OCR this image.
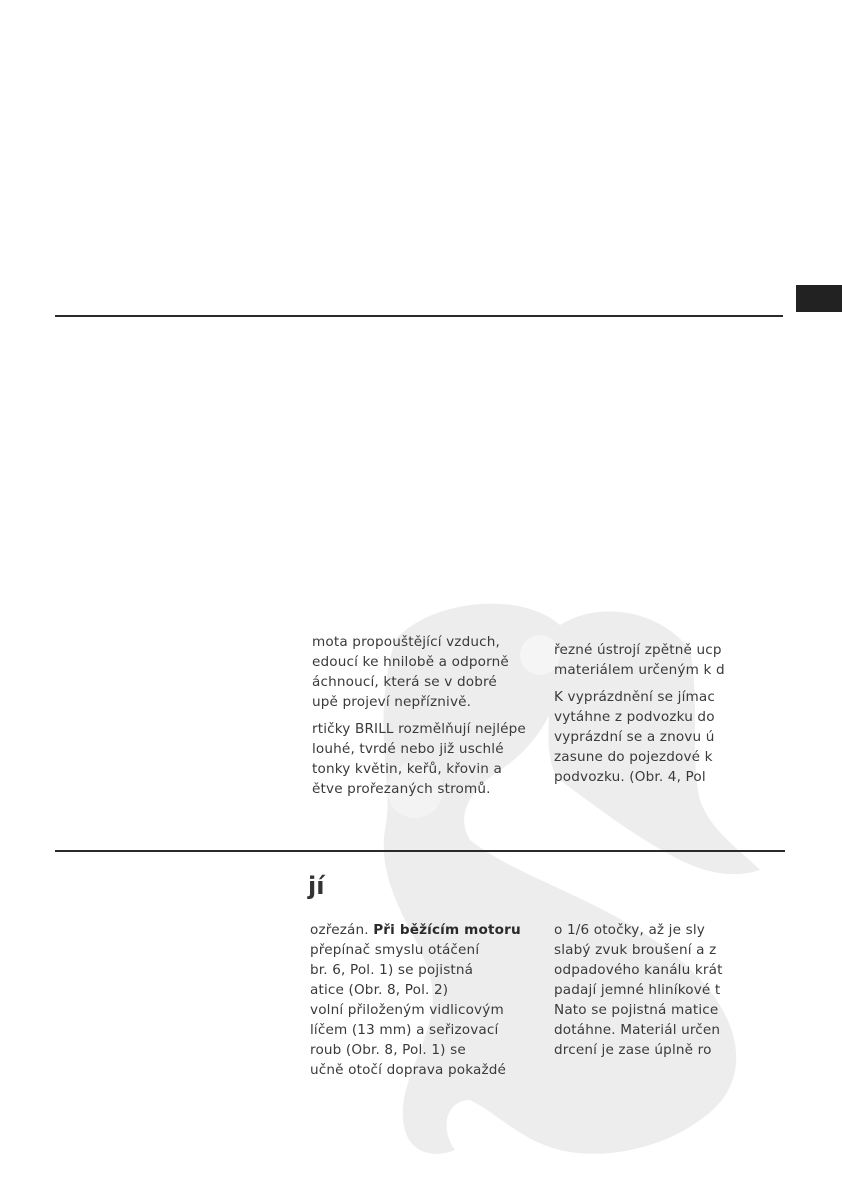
mota propouštějící vzduch,
edoucí ke hnilobě a odporně
áchnoucí, která se v dobré
upě projeví nepříznivě.
rtičky BRILL rozmělňují nejlépe
louhé, tvrdé nebo již uschlé
tonky květin, keřů, křovin a
ětve prořezaných stromů.
řezné ústrojí zpětně ucp
materiálem určeným k d
K vyprázdnění se jímac
vytáhne z podvozku do
vyprázdní se a znovu ú
zasune do pojezdové k
podvozku. (Obr. 4, Pol
jí
ozřezán. Při běžícím motoru
přepínač smyslu otáčení
br. 6, Pol. 1) se pojistná
atice (Obr. 8, Pol. 2)
volní přiloženým vidlicovým
líčem (13 mm) a seřizovací
roub (Obr. 8, Pol. 1) se
učně otočí doprava pokaždé
o 1/6 otočky, až je sly
slabý zvuk broušení a z
odpadového kanálu krát
padají jemné hliníkové t
Nato se pojistná matice
dotáhne. Materiál určen
drcení je zase úplně ro
